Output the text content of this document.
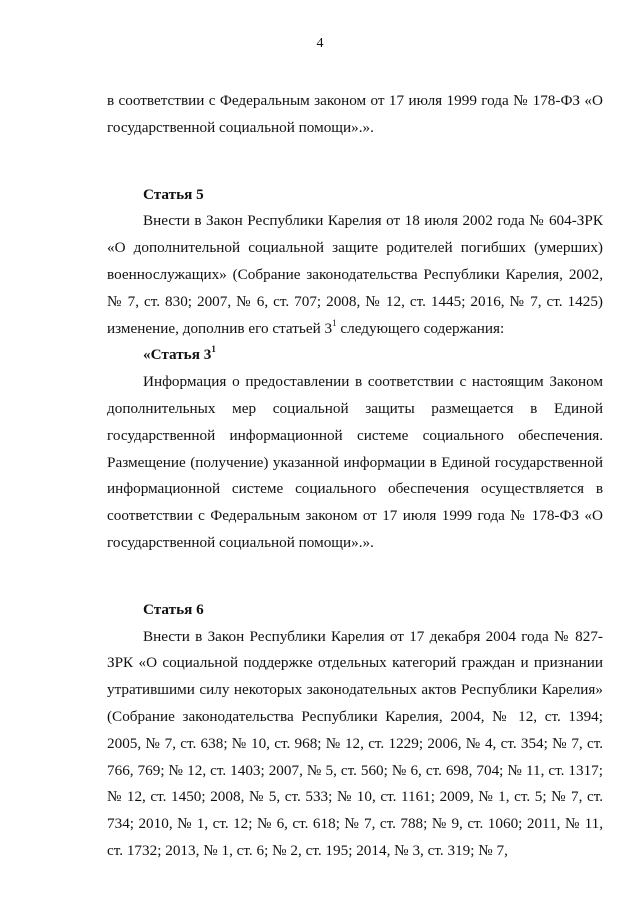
4

в соответствии с Федеральным законом от 17 июля 1999 года № 178-ФЗ «О государственной социальной помощи».».

Статья 5

Внести в Закон Республики Карелия от 18 июля 2002 года № 604-ЗРК «О дополнительной социальной защите родителей погибших (умерших) военнослужащих» (Собрание законодательства Республики Карелия, 2002, № 7, ст. 830; 2007, № 6, ст. 707; 2008, № 12, ст. 1445; 2016, № 7, ст. 1425) изменение, дополнив его статьей $3^1$ следующего содержания:

«Статья $3^1$

Информация о предоставлении в соответствии с настоящим Законом дополнительных мер социальной защиты размещается в Единой государственной информационной системе социального обеспечения. Размещение (получение) указанной информации в Единой государственной информационной системе социального обеспечения осуществляется в соответствии с Федеральным законом от 17 июля 1999 года № 178-ФЗ «О государственной социальной помощи».».

Статья 6

Внести в Закон Республики Карелия от 17 декабря 2004 года № 827-ЗРК «О социальной поддержке отдельных категорий граждан и признании утратившими силу некоторых законодательных актов Республики Карелия» (Собрание законодательства Республики Карелия, 2004, № 12, ст. 1394; 2005, № 7, ст. 638; № 10, ст. 968; № 12, ст. 1229; 2006, № 4, ст. 354; № 7, ст. 766, 769; № 12, ст. 1403; 2007, № 5, ст. 560; № 6, ст. 698, 704; № 11, ст. 1317; № 12, ст. 1450; 2008, № 5, ст. 533; № 10, ст. 1161; 2009, № 1, ст. 5; № 7, ст. 734; 2010, № 1, ст. 12; № 6, ст. 618; № 7, ст. 788; № 9, ст. 1060; 2011, № 11, ст. 1732; 2013, № 1, ст. 6; № 2, ст. 195; 2014, № 3, ст. 319; № 7,
